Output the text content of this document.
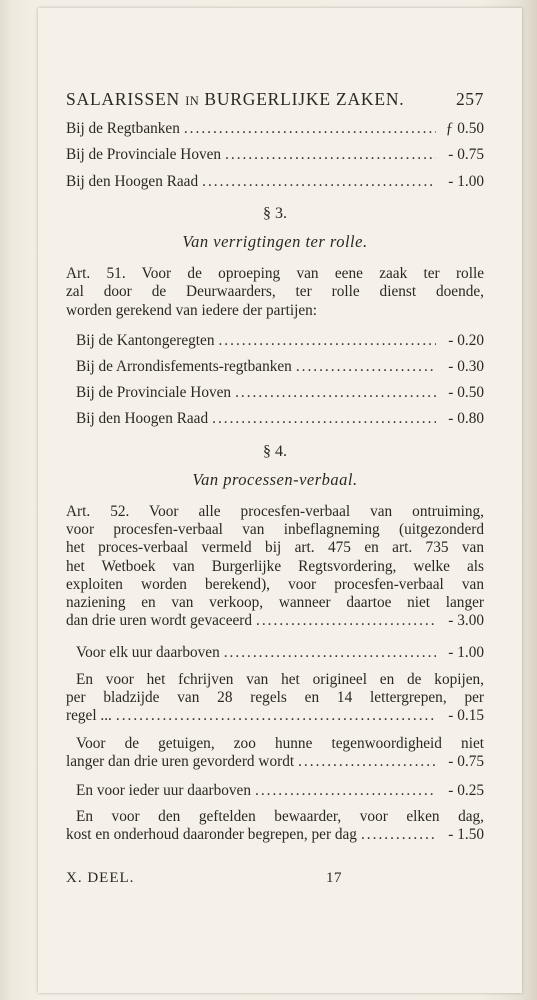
SALARISSEN IN BURGERLIJKE ZAKEN.	257
Bij de Regtbanken .....	ƒ 0.50
Bij de Provinciale Hoven .....	- 0.75
Bij den Hoogen Raad .....	- 1.00
§ 3.
Van verrigtingen ter rolle.
Art. 51. Voor de oproeping van eene zaak ter rolle
zal door de Deurwaarders, ter rolle dienst doende,
worden gerekend van iedere der partijen:
Bij de Kantongeregten .....	- 0.20
Bij de Arrondisfements-regtbanken .....	- 0.30
Bij de Provinciale Hoven .....	- 0.50
Bij den Hoogen Raad .....	- 0.80
§ 4.
Van processen-verbaal.
Art. 52. Voor alle procesfen-verbaal van ontruiming,
voor procesfen-verbaal van inbeflagneming (uitgezonderd
het proces-verbaal vermeld bij art. 475 en art. 735 van
het Wetboek van Burgerlijke Regtsvordering, welke als
exploiten worden berekend), voor procesfen-verbaal van
naziening en van verkoop, wanneer daartoe niet langer
dan drie uren wordt gevaceerd .....	- 3.00
Voor elk uur daarboven .....	- 1.00
En voor het fchrijven van het origineel en de kopijen,
per bladzijde van 28 regels en 14 lettergrepen, per
regel ... .....	- 0.15
Voor de getuigen, zoo hunne tegenwoordigheid niet
langer dan drie uren gevorderd wordt .....	- 0.75
En voor ieder uur daarboven .....	- 0.25
En voor den geftelden bewaarder, voor elken dag,
kost en onderhoud daaronder begrepen, per dag .....	- 1.50
X. DEEL.	17
